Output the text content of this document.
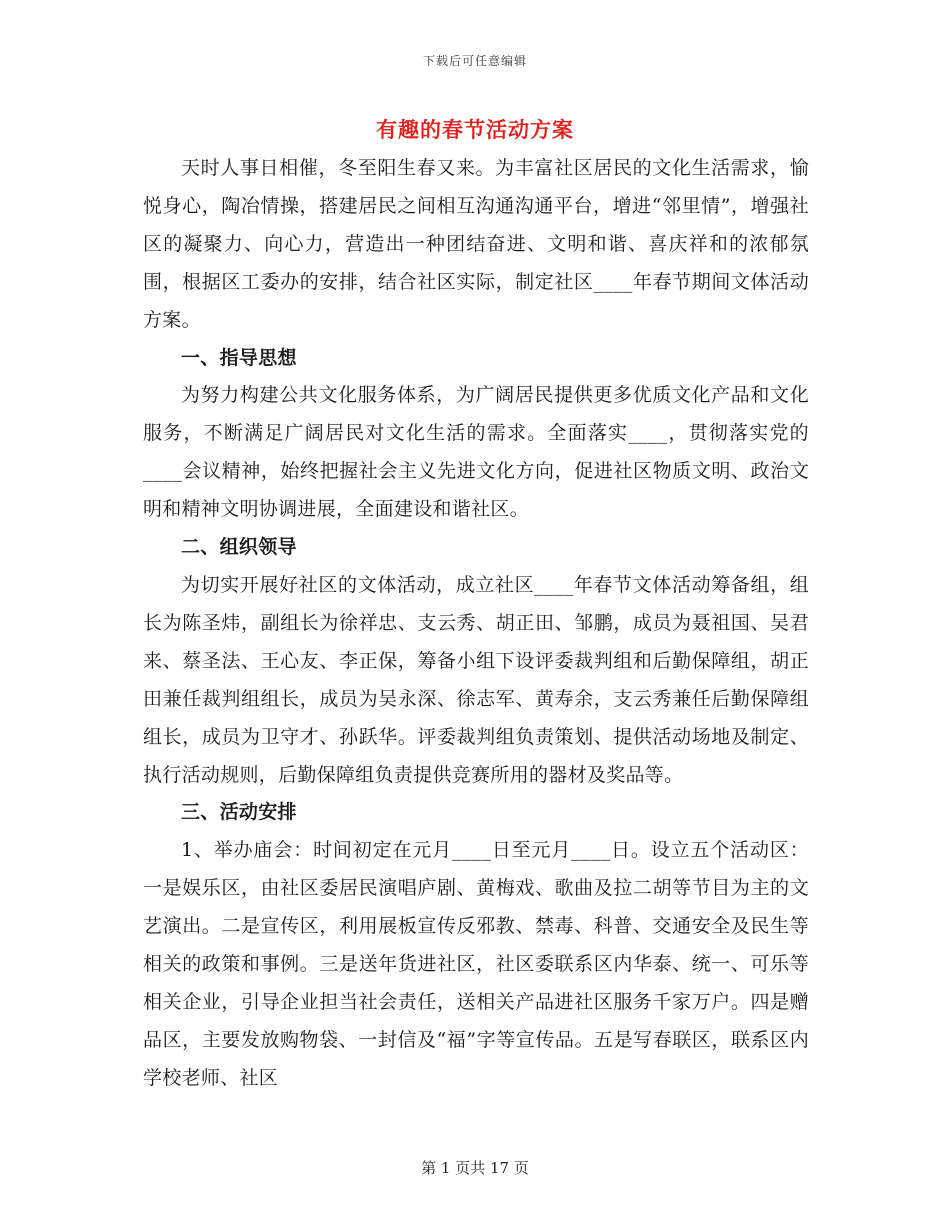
下载后可任意编辑
有趣的春节活动方案

天时人事日相催，冬至阳生春又来。为丰富社区居民的文化生活需求，愉悦身心，陶冶情操，搭建居民之间相互沟通沟通平台，增进“邻里情”，增强社区的凝聚力、向心力，营造出一种团结奋进、文明和谐、喜庆祥和的浓郁氛围，根据区工委办的安排，结合社区实际，制定社区____年春节期间文体活动方案。

一、指导思想

为努力构建公共文化服务体系，为广阔居民提供更多优质文化产品和文化服务，不断满足广阔居民对文化生活的需求。全面落实____，贯彻落实党的____会议精神，始终把握社会主义先进文化方向，促进社区物质文明、政治文明和精神文明协调进展，全面建设和谐社区。

二、组织领导

为切实开展好社区的文体活动，成立社区____年春节文体活动筹备组，组长为陈圣炜，副组长为徐祥忠、支云秀、胡正田、邹鹏，成员为聂祖国、吴君来、蔡圣法、王心友、李正保，筹备小组下设评委裁判组和后勤保障组，胡正田兼任裁判组组长，成员为吴永深、徐志军、黄寿余，支云秀兼任后勤保障组组长，成员为卫守才、孙跃华。评委裁判组负责策划、提供活动场地及制定、执行活动规则，后勤保障组负责提供竞赛所用的器材及奖品等。

三、活动安排

1、举办庙会：时间初定在元月____日至元月____日。设立五个活动区：一是娱乐区，由社区委居民演唱庐剧、黄梅戏、歌曲及拉二胡等节目为主的文艺演出。二是宣传区，利用展板宣传反邪教、禁毒、科普、交通安全及民生等相关的政策和事例。三是送年货进社区，社区委联系区内华泰、统一、可乐等相关企业，引导企业担当社会责任，送相关产品进社区服务千家万户。四是赠品区，主要发放购物袋、一封信及“福”字等宣传品。五是写春联区，联系区内学校老师、社区

第 1 页共 17 页
